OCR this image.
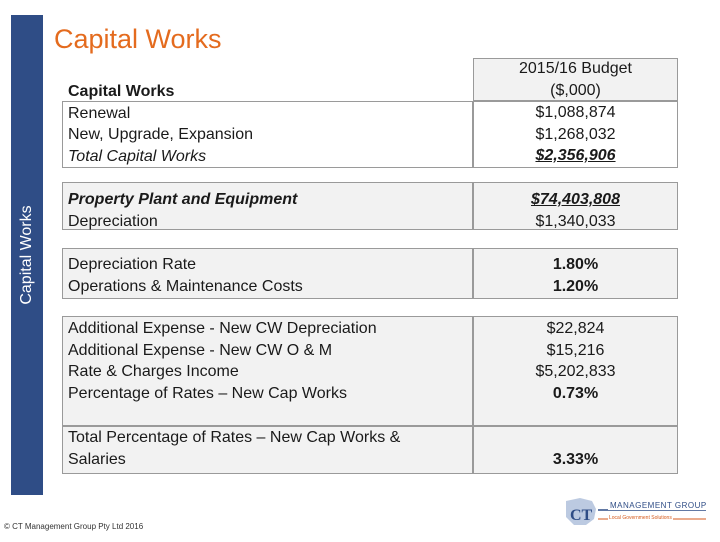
Capital Works
Capital Works
2015/16 Budget
($,000)
Capital Works
Renewal
New, Upgrade, Expansion
Total Capital Works
$1,088,874
$1,268,032
$2,356,906
Property Plant and Equipment
Depreciation
$74,403,808
$1,340,033
Depreciation Rate
Operations & Maintenance Costs
1.80%
1.20%
Additional Expense - New CW Depreciation
Additional Expense - New CW O & M
Rate & Charges Income
Percentage of Rates – New Cap Works
$22,824
$15,216
$5,202,833
0.73%
Total Percentage of Rates – New Cap Works &
Salaries	3.33%
© CT Management Group Pty Ltd 2016
CT
MANAGEMENT GROUP
Local Government Solutions
